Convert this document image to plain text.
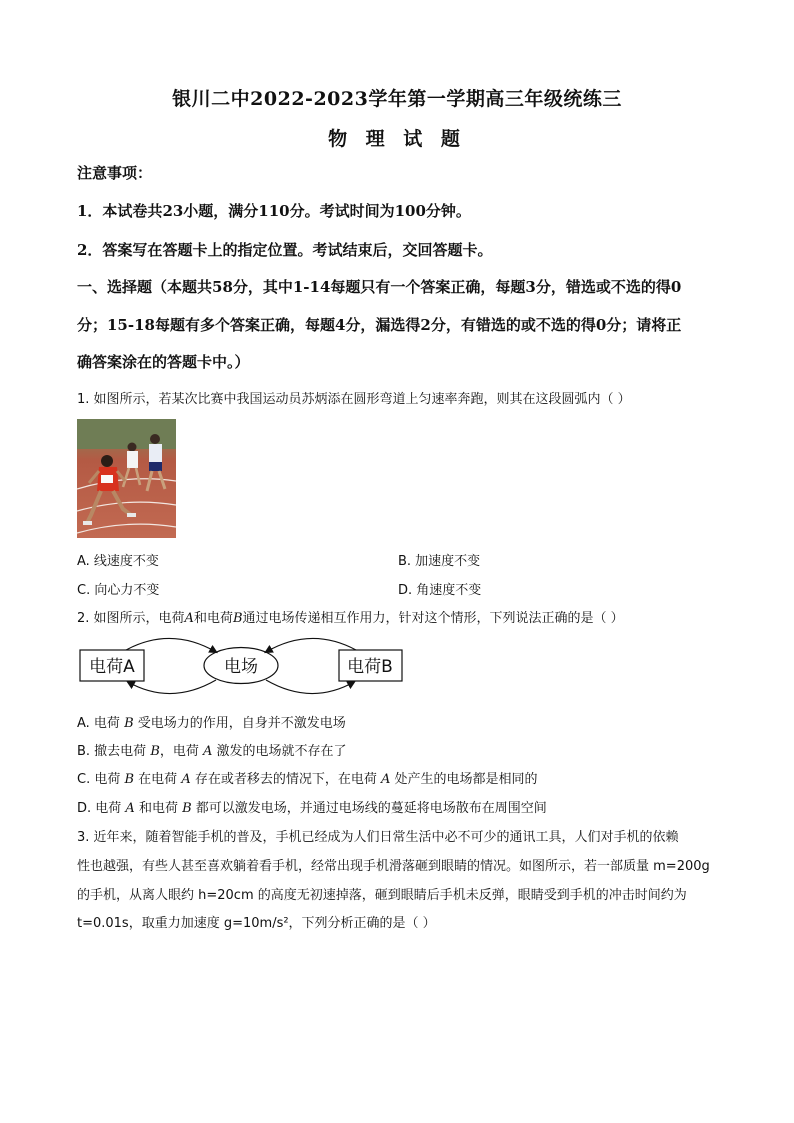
银川二中2022-2023学年第一学期高三年级统练三
物 理 试 题
注意事项：
1．本试卷共23小题，满分110分。考试时间为100分钟。
2．答案写在答题卡上的指定位置。考试结束后，交回答题卡。
一、选择题（本题共58分，其中1-14每题只有一个答案正确，每题3分，错选或不选的得0
分；15-18每题有多个答案正确，每题4分，漏选得2分，有错选的或不选的得0分；请将正
确答案涂在的答题卡中。）
1. 如图所示，若某次比赛中我国运动员苏炳添在圆形弯道上匀速率奔跑，则其在这段圆弧内（ ）
A. 线速度不变	B. 加速度不变
C. 向心力不变	D. 角速度不变
2. 如图所示，电荷A和电荷B通过电场传递相互作用力，针对这个情形，下列说法正确的是（ ）
电荷A	电场	电荷B
A. 电荷 B 受电场力的作用，自身并不激发电场
B. 撤去电荷 B，电荷 A 激发的电场就不存在了
C. 电荷 B 在电荷 A 存在或者移去的情况下，在电荷 A 处产生的电场都是相同的
D. 电荷 A 和电荷 B 都可以激发电场，并通过电场线的蔓延将电场散布在周围空间
3. 近年来，随着智能手机的普及，手机已经成为人们日常生活中必不可少的通讯工具，人们对手机的依赖
性也越强，有些人甚至喜欢躺着看手机，经常出现手机滑落砸到眼睛的情况。如图所示，若一部质量 m=200g
的手机，从离人眼约 h=20cm 的高度无初速掉落，砸到眼睛后手机未反弹，眼睛受到手机的冲击时间约为
t=0.01s，取重力加速度 g=10m/s²，下列分析正确的是（ ）
